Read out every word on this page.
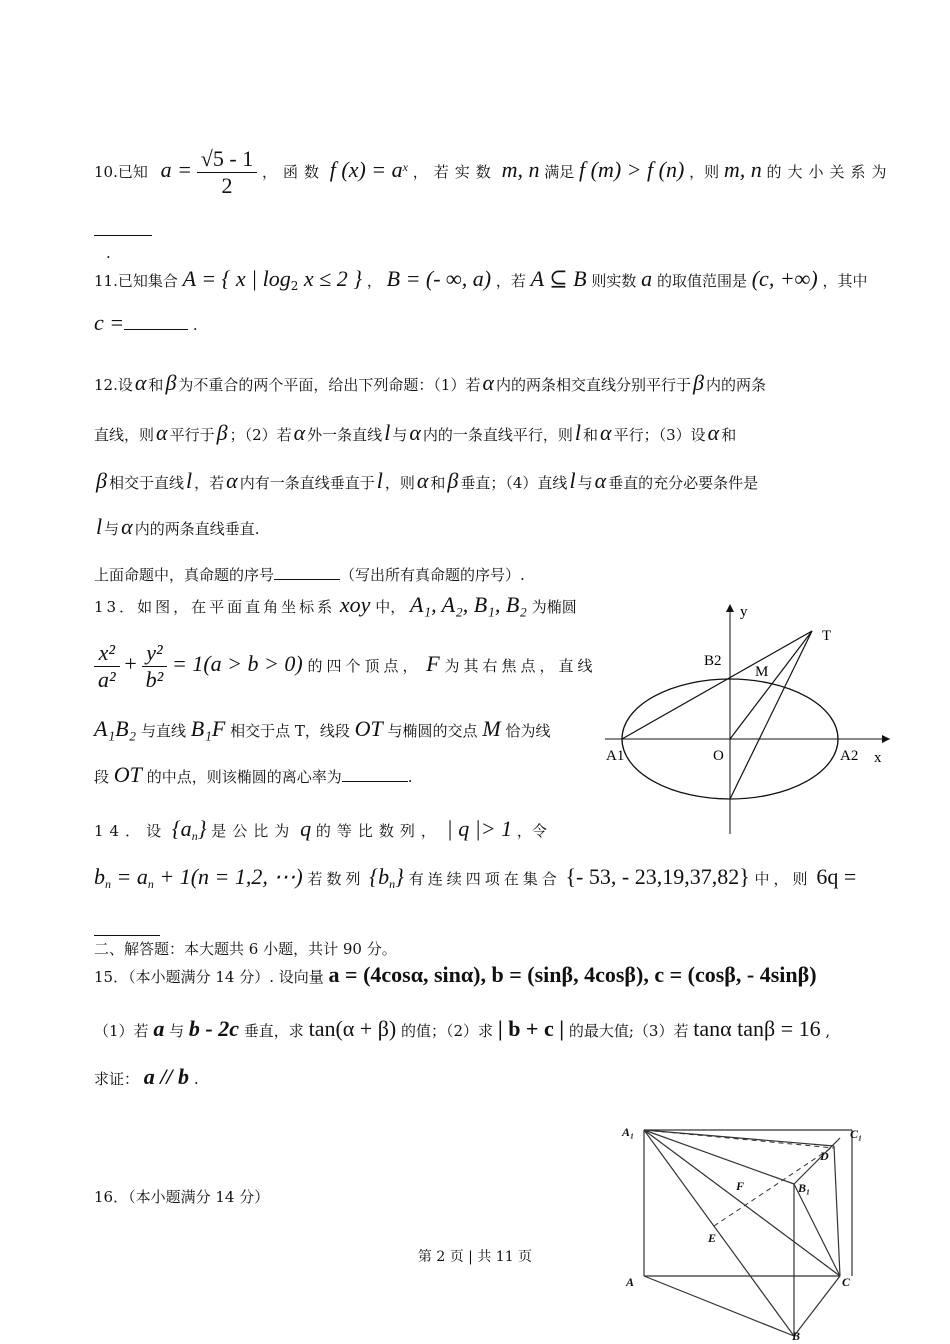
10.已知 $a = \frac{√5 - 1}{2}$ ，函数 f $(x) = a^x$ ，若实数 m, n 满足 f (m) > f (n) ，则 m, n 的大小关系为
.
11.已知集合 A = { x | $\log_2 x \le 2$ } ， B = (- ∞, a) ，若 A ⊆ B 则实数 a 的取值范围是 (c, +∞) ，其中
c =	.
12.设α 和β 为不重合的两个平面，给出下列命题：（1）若α 内的两条相交直线分别平行于β 内的两条
直线，则α 平行于β ；（2）若α 外一条直线l 与α 内的一条直线平行，则l 和α 平行；（3）设α 和
β 相交于直线l ，若α 内有一条直线垂直于l ，则α 和β 垂直；（4）直线l 与α 垂直的充分必要条件是
l 与α 内的两条直线垂直.
上面命题中，真命题的序号	（写出所有真命题的序号）.
13．如图，在平面直角坐标系 xoy 中， A₁, A₂, B₁, B₂ 为椭圆
$\frac{\text{x²}}{\text{a²}} + \frac{\text{y²}}{\text{b²}} = 1(a > b > 0)$ 的四个顶点， F 为其右焦点，直线
A₁B₂ 与直线 B₁F 相交于点 T，线段 OT 与椭圆的交点 M 恰为线
段 OT 的中点，则该椭圆的离心率为	.
y
x
T
B2
M
A1	O	A2
14．设 $\{a_n\}$ 是公比为 q 的等比数列， | q |> 1 ，令
$b_n = a_n + 1(n = 1,2$, ⋯) 若数列 $\{b_n\}$ 有连续四项在集合 {- 53, - 23,19,37,82} 中，则 6q =
二、解答题：本大题共 6 小题，共计 90 分。
15．（本小题满分 14 分）. 设向量 a = (4cosα, sinα), b = (sinβ, 4cosβ), c = (cosβ, - 4sinβ)
（1）若 a 与 b - 2c 垂直，求 tan(α + β) 的值；（2）求 | b + c | 的最大值;（3）若 tanα tanβ = 16 ,
求证： a // b .
16．（本小题满分 14 分）
A₁	C₁
D
F	B₁
E
A	C
B
第 2 页 | 共 11 页
